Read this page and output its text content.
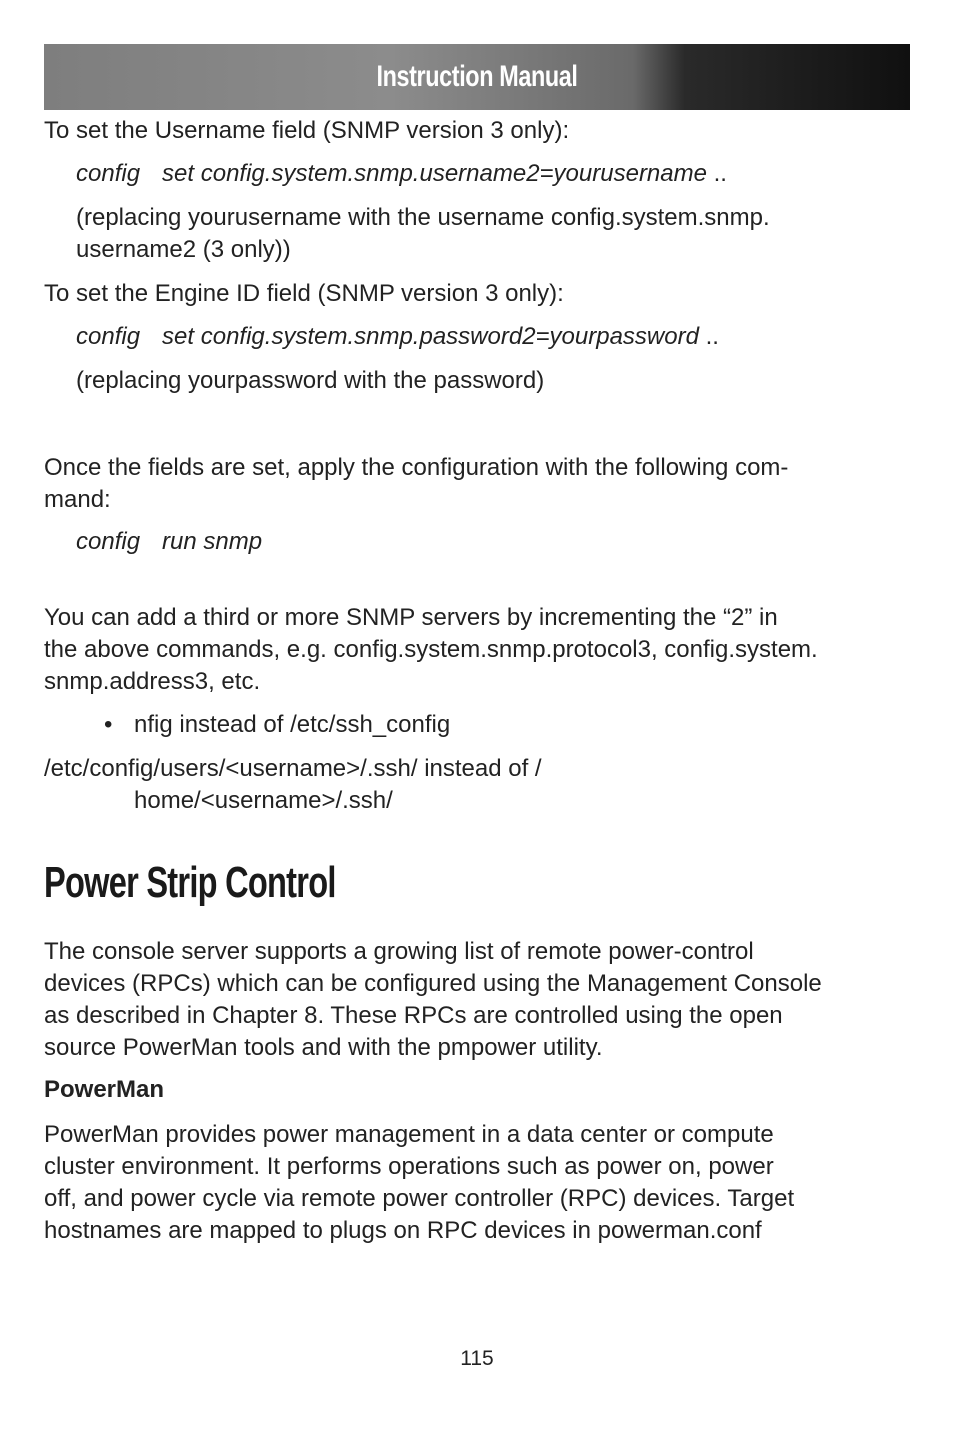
Instruction Manual

To set the Username field (SNMP version 3 only):

config set config.system.snmp.username2=yourusername ..

(replacing yourusername with the username config.system.snmp.

username2 (3 only))

To set the Engine ID field (SNMP version 3 only):

config set config.system.snmp.password2=yourpassword ..

(replacing yourpassword with the password)

Once the fields are set, apply the configuration with the following com-

mand:

config run snmp

You can add a third or more SNMP servers by incrementing the “2” in

the above commands, e.g. config.system.snmp.protocol3, config.system.

snmp.address3, etc.

• nfig instead of /etc/ssh_config

/etc/config/users/<username>/.ssh/ instead of /

home/<username>/.ssh/

Power Strip Control

The console server supports a growing list of remote power-control

devices (RPCs) which can be configured using the Management Console

as described in Chapter 8. These RPCs are controlled using the open

source PowerMan tools and with the pmpower utility.

PowerMan

PowerMan provides power management in a data center or compute

cluster environment. It performs operations such as power on, power

off, and power cycle via remote power controller (RPC) devices. Target

hostnames are mapped to plugs on RPC devices in powerman.conf

115
